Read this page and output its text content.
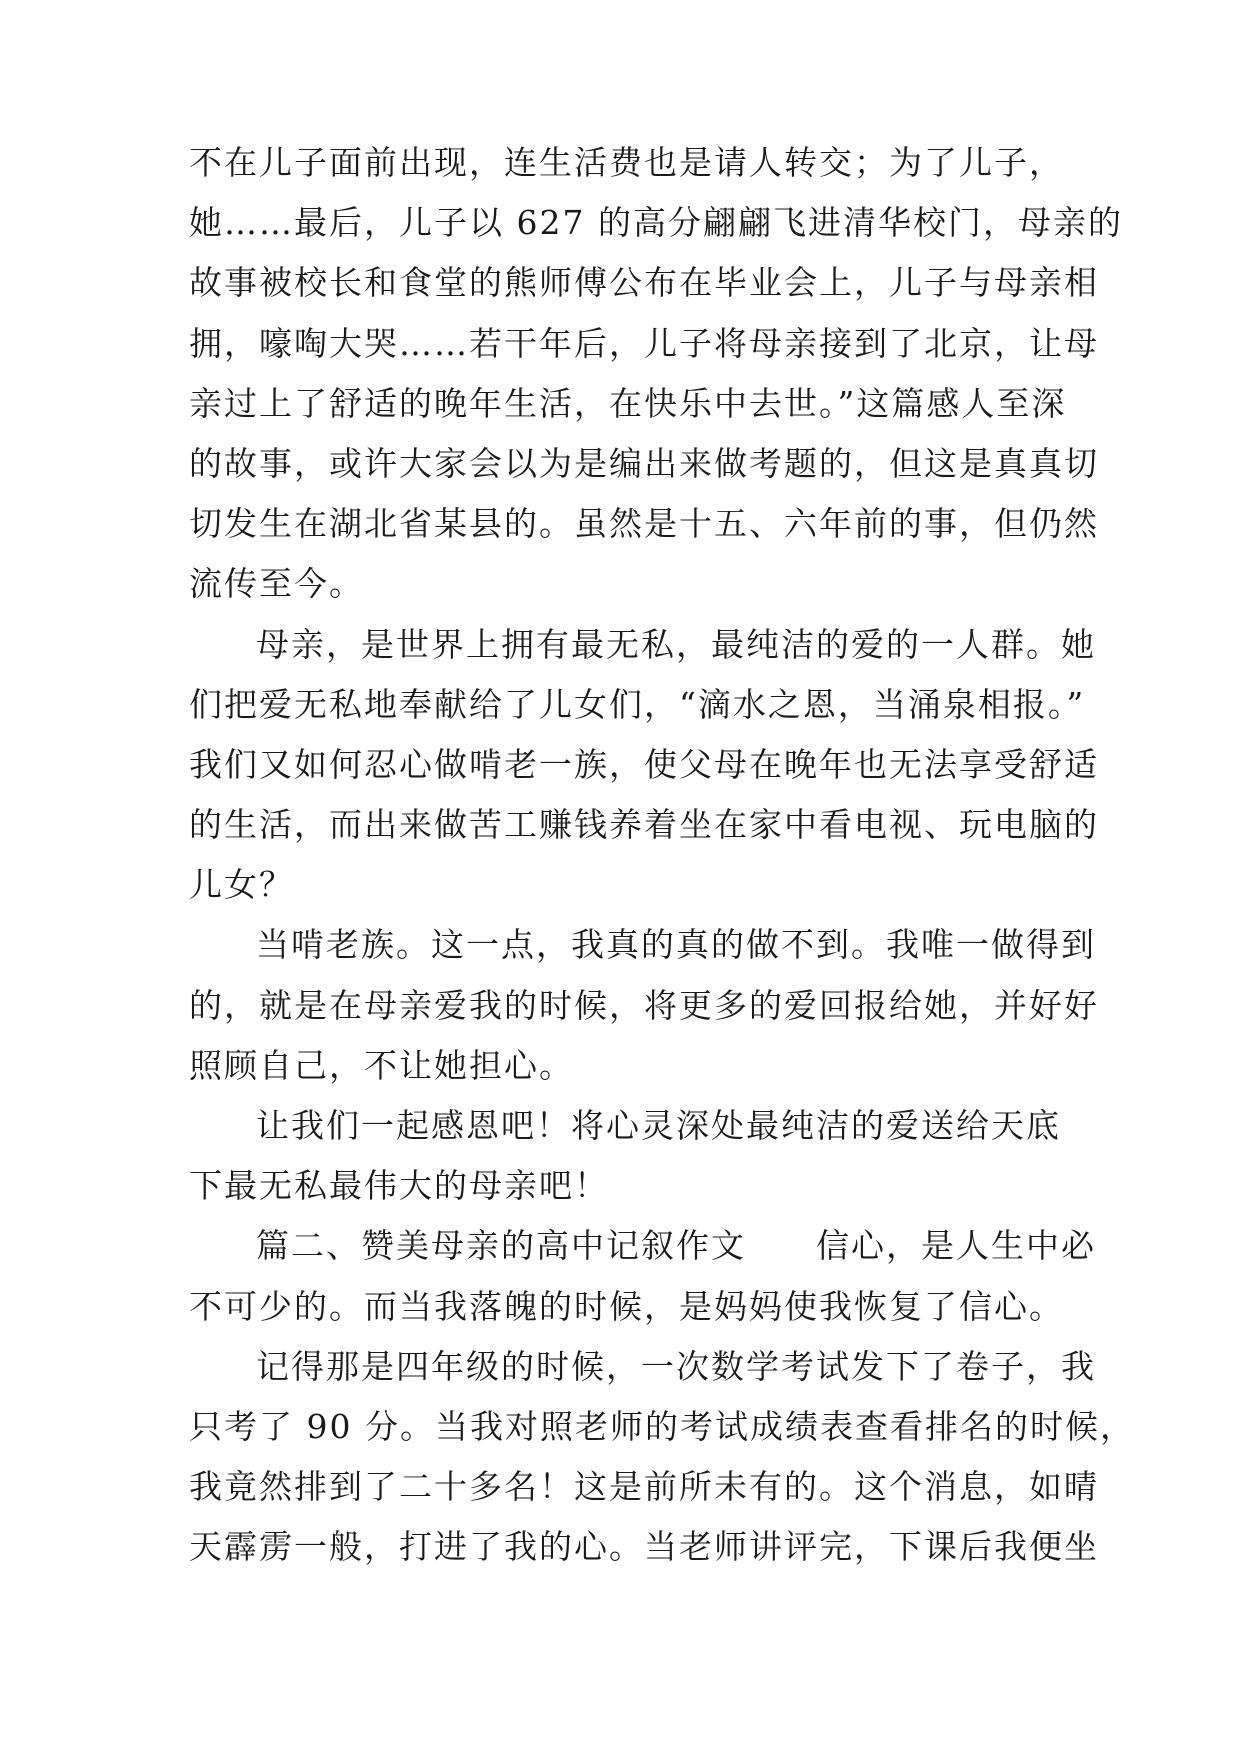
不在儿子面前出现，连生活费也是请人转交；为了儿子，
她……最后，儿子以 627 的高分翩翩飞进清华校门，母亲的
故事被校长和食堂的熊师傅公布在毕业会上，儿子与母亲相
拥，嚎啕大哭……若干年后，儿子将母亲接到了北京，让母
亲过上了舒适的晚年生活，在快乐中去世。”这篇感人至深
的故事，或许大家会以为是编出来做考题的，但这是真真切
切发生在湖北省某县的。虽然是十五、六年前的事，但仍然
流传至今。
母亲，是世界上拥有最无私，最纯洁的爱的一人群。她
们把爱无私地奉献给了儿女们，“滴水之恩，当涌泉相报。”
我们又如何忍心做啃老一族，使父母在晚年也无法享受舒适
的生活，而出来做苦工赚钱养着坐在家中看电视、玩电脑的
儿女？
当啃老族。这一点，我真的真的做不到。我唯一做得到
的，就是在母亲爱我的时候，将更多的爱回报给她，并好好
照顾自己，不让她担心。
让我们一起感恩吧！将心灵深处最纯洁的爱送给天底
下最无私最伟大的母亲吧！
篇二、赞美母亲的高中记叙作文　　信心，是人生中必
不可少的。而当我落魄的时候，是妈妈使我恢复了信心。
记得那是四年级的时候，一次数学考试发下了卷子，我
只考了 90 分。当我对照老师的考试成绩表查看排名的时候，
我竟然排到了二十多名！这是前所未有的。这个消息，如晴
天霹雳一般，打进了我的心。当老师讲评完，下课后我便坐
